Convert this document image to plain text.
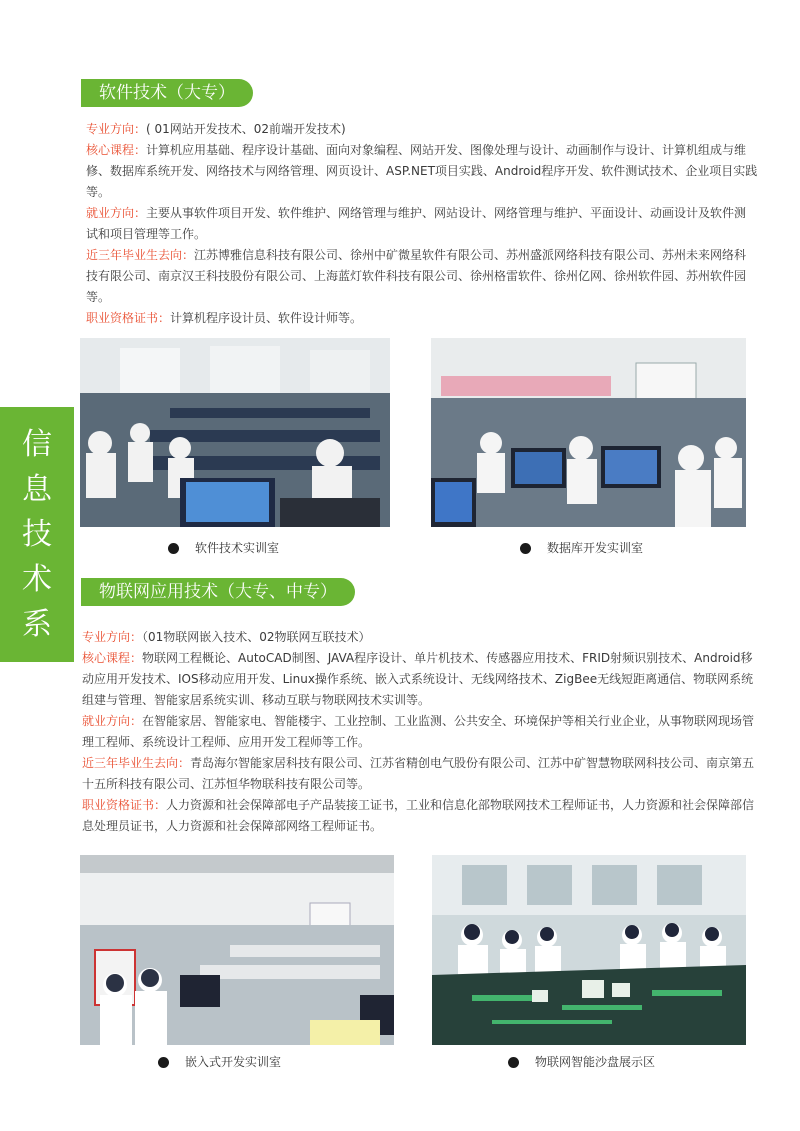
信
息
技
术
系
软件技术（大专）

专业方向：( 01网站开发技术、02前端开发技术)

核心课程：计算机应用基础、程序设计基础、面向对象编程、网站开发、图像处理与设计、动画制作与设计、计算机组成与维修、数据库系统开发、网络技术与网络管理、网页设计、ASP.NET项目实践、Android程序开发、软件测试技术、企业项目实践等。

就业方向：主要从事软件项目开发、软件维护、网络管理与维护、网站设计、网络管理与维护、平面设计、动画设计及软件测试和项目管理等工作。

近三年毕业生去向：江苏博雅信息科技有限公司、徐州中矿微星软件有限公司、苏州盛派网络科技有限公司、苏州未来网络科技有限公司、南京汉王科技股份有限公司、上海蓝灯软件科技有限公司、徐州格雷软件、徐州亿网、徐州软件园、苏州软件园等。

职业资格证书：计算机程序设计员、软件设计师等。

软件技术实训室	数据库开发实训室
物联网应用技术（大专、中专）

专业方向：（01物联网嵌入技术、02物联网互联技术）

核心课程：物联网工程概论、AutoCAD制图、JAVA程序设计、单片机技术、传感器应用技术、FRID射频识别技术、Android移动应用开发技术、IOS移动应用开发、Linux操作系统、嵌入式系统设计、无线网络技术、ZigBee无线短距离通信、物联网系统组建与管理、智能家居系统实训、移动互联与物联网技术实训等。

就业方向：在智能家居、智能家电、智能楼宇、工业控制、工业监测、公共安全、环境保护等相关行业企业，从事物联网现场管理工程师、系统设计工程师、应用开发工程师等工作。

近三年毕业生去向：青岛海尔智能家居科技有限公司、江苏省精创电气股份有限公司、江苏中矿智慧物联网科技公司、南京第五十五所科技有限公司、江苏恒华物联科技有限公司等。

职业资格证书：人力资源和社会保障部电子产品装接工证书，工业和信息化部物联网技术工程师证书，人力资源和社会保障部信息处理员证书，人力资源和社会保障部网络工程师证书。

嵌入式开发实训室	物联网智能沙盘展示区
